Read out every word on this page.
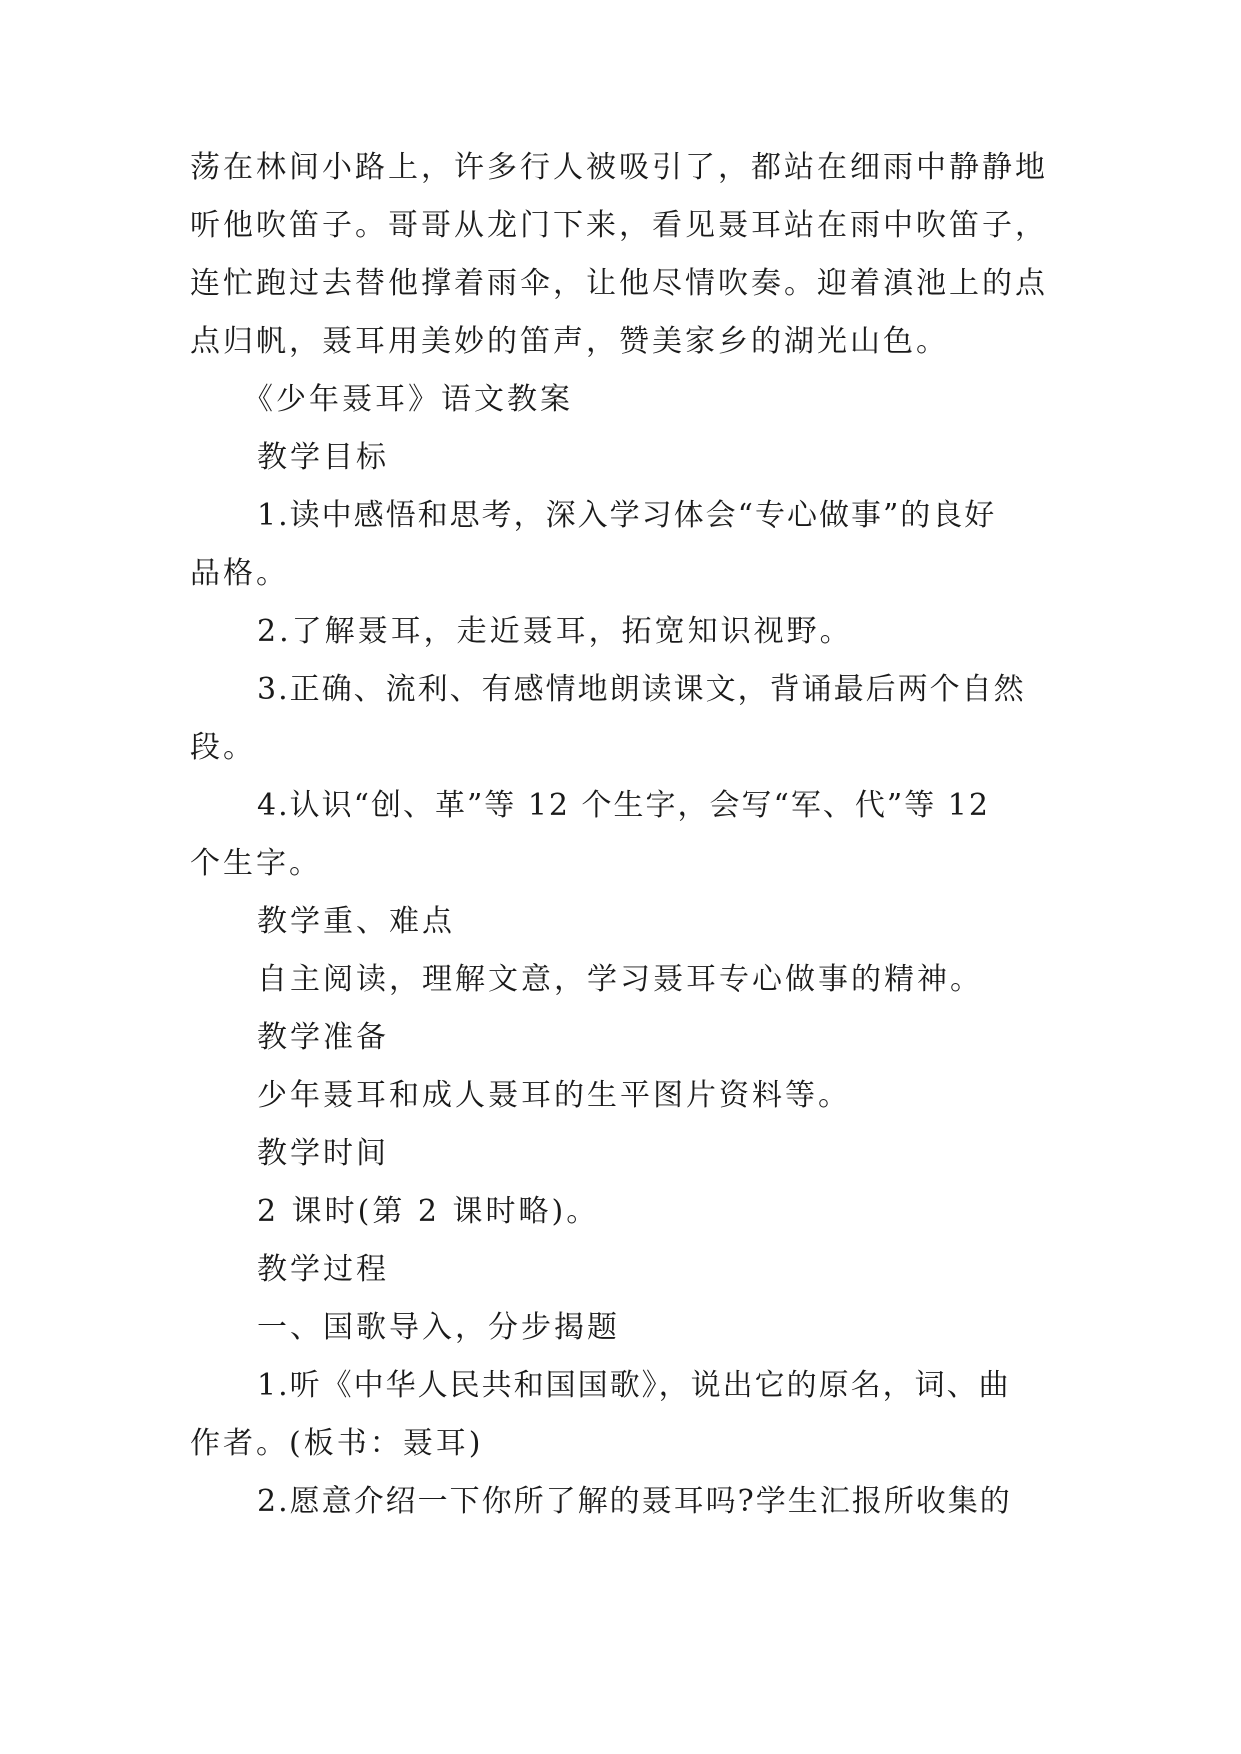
荡在林间小路上，许多行人被吸引了，都站在细雨中静静地
听他吹笛子。哥哥从龙门下来，看见聂耳站在雨中吹笛子，
连忙跑过去替他撑着雨伞，让他尽情吹奏。迎着滇池上的点
点归帆，聂耳用美妙的笛声，赞美家乡的湖光山色。
《少年聂耳》语文教案
教学目标
1.读中感悟和思考，深入学习体会“专心做事”的良好
品格。
2.了解聂耳，走近聂耳，拓宽知识视野。
3.正确、流利、有感情地朗读课文，背诵最后两个自然
段。
4.认识“创、革”等 12 个生字，会写“军、代”等 12
个生字。
教学重、难点
自主阅读，理解文意，学习聂耳专心做事的精神。
教学准备
少年聂耳和成人聂耳的生平图片资料等。
教学时间
2 课时(第 2 课时略)。
教学过程
一、国歌导入，分步揭题
1.听《中华人民共和国国歌》，说出它的原名，词、曲
作者。(板书：聂耳)
2.愿意介绍一下你所了解的聂耳吗?学生汇报所收集的
